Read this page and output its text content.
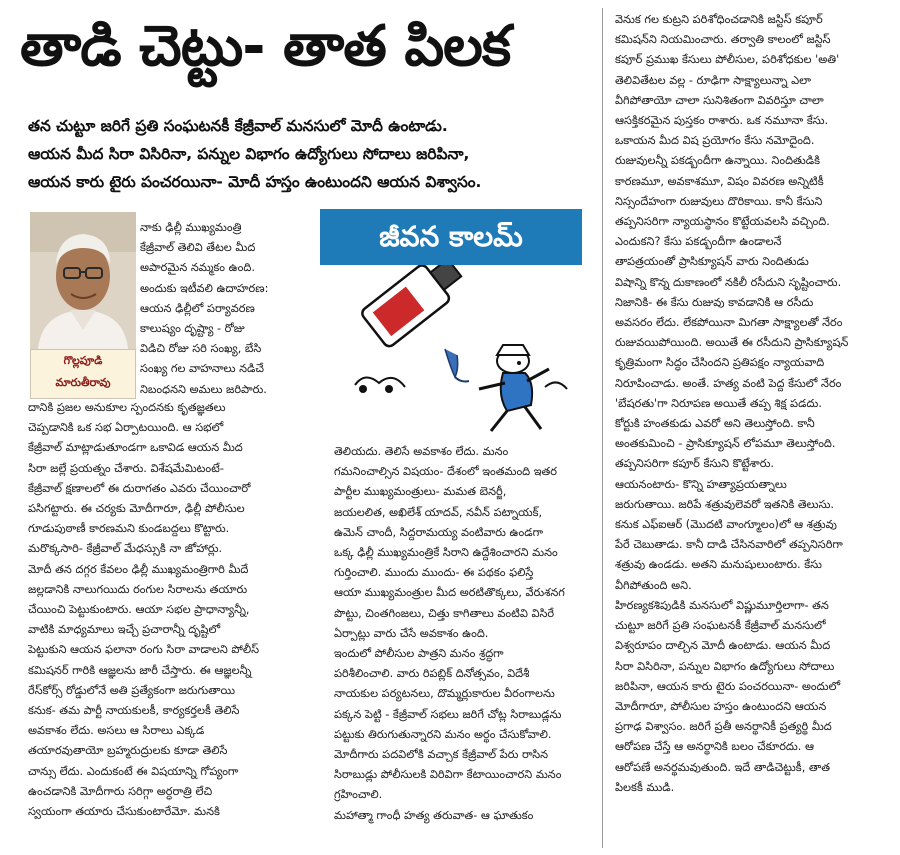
తాడి చెట్టు- తాత పిలక
తన చుట్టూ జరిగే ప్రతి సంఘటనకీ కేజ్రీవాల్ మనసులో మోదీ ఉంటాడు.
ఆయన మీద సిరా విసిరినా, పన్నుల విభాగం ఉద్యోగులు సోదాలు జరిపినా,
ఆయన కారు టైరు పంచరయినా- మోదీ హస్తం ఉంటుందని ఆయన విశ్వాసం.
గొల్లపూడి
మారుతీరావు
జీవన కాలమ్
నాకు ఢిల్లీ ముఖ్యమంత్రి
కేజ్రీవాల్ తెలివి తేటల మీద
అపారమైన నమ్మకం ఉంది.
అందుకు ఇటీవలి ఉదాహరణ:
ఆయన ఢిల్లీలో పర్యావరణ
కాలుష్యం దృష్ట్యా - రోజు
విడిచి రోజు సరి సంఖ్య, బేసి
సంఖ్య గల వాహనాలు నడిచే
నిబంధనని అమలు జరిపారు.
దానికి ప్రజల అనుకూల స్పందనకు కృతజ్ఞతలు
చెప్పడానికి ఒక సభ ఏర్పాటయింది. ఆ సభలో
కేజ్రీవాల్ మాట్లాడుతూండగా ఒకావిడ ఆయన మీద
సిరా జల్లే ప్రయత్నం చేశారు. విశేషమేమిటంటే-
కేజ్రీవాల్ క్షణాలలో ఈ దురాగతం ఎవరు చేయించారో
పసిగట్టారు. ఈ చర్యకు మోదీగారూ, ఢిల్లీ పోలీసుల
గూడుపుఠాణీ కారణమని కుండబద్దలు కొట్టారు.
మరొక్కసారి- కేజ్రీవాల్ మేధస్సుకి నా జోహార్లు.
మోదీ తన దగ్గర కేవలం ఢిల్లీ ముఖ్యమంత్రిగారి మీదే
జల్లడానికి నాలుగయిదు రంగుల సిరాలను తయారు
చేయించి పెట్టుకుంటారు. ఆయా సభల ప్రాధాన్యాన్నీ,
వాటికి మాధ్యమాలు ఇచ్చే ప్రచారాన్నీ దృష్టిలో
పెట్టుకుని ఆయన ఫలానా రంగు సిరా వాడాలని పోలీస్
కమిషనర్ గారికి ఆజ్ఞలను జారీ చేస్తారు. ఈ ఆజ్ఞలన్నీ
రేస్‌కోర్స్ రోడ్డులోనే అతి ప్రత్యేకంగా జరుగుతాయి
కనుక- తమ పార్టీ నాయకులకీ, కార్యకర్తలకీ తెలిసే
అవకాశం లేదు. అసలు ఆ సిరాలు ఎక్కడ
తయారవుతాయో బ్రహ్మరుద్రులకు కూడా తెలిసే
చాన్సు లేదు. ఎందుకంటే ఈ విషయాన్ని గోప్యంగా
ఉంచడానికి మోదీగారు సరిగ్గా అర్ధరాత్రి లేచి
స్వయంగా తయారు చేసుకుంటారేమో. మనకి
తెలియదు. తెలిసే అవకాశం లేదు. మనం
గమనించాల్సిన విషయం- దేశంలో ఇంతమంది ఇతర
పార్టీల ముఖ్యమంత్రులు- మమత బెనర్జీ,
జయలలిత, అఖిలేశ్ యాదవ్, నవీన్ పట్నాయక్,
ఉమెన్ చాందీ, సిద్దరామయ్య వంటివారు ఉండగా
ఒక్క ఢిల్లీ ముఖ్యమంత్రికే సిరాని ఉద్దేశించారని మనం
గుర్తించాలి. ముందు ముందు- ఈ పథకం ఫలిస్తే
ఆయా ముఖ్యమంత్రుల మీద అరటితొక్కలు, వేరుశనగ
పొట్టు, చింతగింజలు, చిత్తు కాగితాలు వంటివి విసిరే
ఏర్పాట్లు వారు చేసే అవకాశం ఉంది.
ఇందులో పోలీసుల పాత్రని మనం శ్రద్ధగా
పరిశీలించాలి. వారు రిపబ్లిక్ దినోత్సవం, విదేశీ
నాయకుల పర్యటనలు, దొమ్మర్లుకారుల వీరంగాలను
పక్కన పెట్టి - కేజ్రీవాల్ సభలు జరిగే చోట్ల సిరాబుడ్లను
పట్టుకు తిరుగుతున్నారని మనం అర్థం చేసుకోవాలి.
మోదీగారు పదవిలోకి వచ్చాక కేజ్రీవాల్ పేరు రాసిన
సిరాబుడ్లు పోలీసులకి విరివిగా కేటాయించారని మనం
గ్రహించాలి.
మహాత్మా గాంధీ హత్య తరువాత- ఆ ఘాతుకం
వెనుక గల కుట్రని పరిశోధించడానికి జస్టిస్ కపూర్
కమిషన్‌ని నియమించారు. తర్వాతి కాలంలో జస్టిస్
కపూర్ ప్రముఖ కేసులు పోలీసుల, పరిశోధకుల 'అతి'
తెలివితేటల వల్ల - రూఢిగా సాక్ష్యాలున్నా ఎలా
వీగిపోతాయో చాలా సునిశితంగా వివరిస్తూ చాలా
ఆసక్తికరమైన పుస్తకం రాశారు. ఒక నమూనా కేసు.
ఒకాయన మీద విష ప్రయోగం కేసు నమోదైంది.
రుజువులన్నీ పకడ్బందీగా ఉన్నాయి. నిందితుడికి
కారణమూ, అవకాశమూ, విషం వివరణ అన్నిటికీ
నిస్సందేహంగా రుజువులు దొరికాయి. కానీ కేసుని
తప్పనిసరిగా న్యాయస్థానం కొట్టేయవలసి వచ్చింది.
ఎందుకని? కేసు పకడ్బందీగా ఉండాలనే
తాపత్రయంతో ప్రాసిక్యూషన్ వారు నిందితుడు
విషాన్ని కొన్న దుకాణంలో నకిలీ రసీదుని సృష్టించారు.
నిజానికి- ఈ కేసు రుజువు కావడానికి ఆ రసీదు
అవసరం లేదు. లేకపోయినా మిగతా సాక్ష్యాలతో నేరం
రుజువయిపోయింది. అయితే ఈ రసీదుని ప్రాసిక్యూషన్
కృత్రిమంగా సిద్ధం చేసిందని ప్రతిపక్షం న్యాయవాది
నిరూపించాడు. అంతే. హత్య వంటి పెద్ద కేసులో నేరం
'బేషరతు'గా నిరూపణ అయితే తప్ప శిక్ష పడదు.
కోర్టుకి హంతకుడు ఎవరో అని తెలుస్తోంది. కానీ
అంతకుమించి - ప్రాసిక్యూషన్ లోపమూ తెలుస్తోంది.
తప్పనిసరిగా కపూర్ కేసుని కొట్టేశారు.
ఆయనంటారు- కొన్ని హత్యాప్రయత్నాలు
జరుగుతాయి. జరిపే శత్రువులెవరో ఇతనికి తెలుసు.
కనుక ఎఫ్‌ఐఆర్ (మొదటి వాంగ్మూలం)లో ఆ శత్రువు
పేరే చెబుతాడు. కానీ దాడి చేసినవారిలో తప్పనిసరిగా
శత్రువు ఉండడు. అతని మనుషులుంటారు. కేసు
వీగిపోతుంది అని.
హిరణ్యకశిపుడికి మనసులో విష్ణుమూర్తిలాగా- తన
చుట్టూ జరిగే ప్రతి సంఘటనకీ కేజ్రీవాల్ మనసులో
విశ్వరూపం దాల్చిన మోదీ ఉంటాడు. ఆయన మీద
సిరా విసిరినా, పన్నుల విభాగం ఉద్యోగులు సోదాలు
జరిపినా, ఆయన కారు టైరు పంచరయినా- అందులో
మోదీగారూ, పోలీసుల హస్తం ఉంటుందని ఆయన
ప్రగాఢ విశ్వాసం. జరిగే ప్రతీ అనర్థానికీ ప్రత్యర్థి మీద
ఆరోపణ చేస్తే ఆ అనర్థానికి బలం చేకూరదు. ఆ
ఆరోపణే అనర్థమవుతుంది. ఇదే తాడిచెట్టుకీ, తాత
పిలకకీ ముడి.
